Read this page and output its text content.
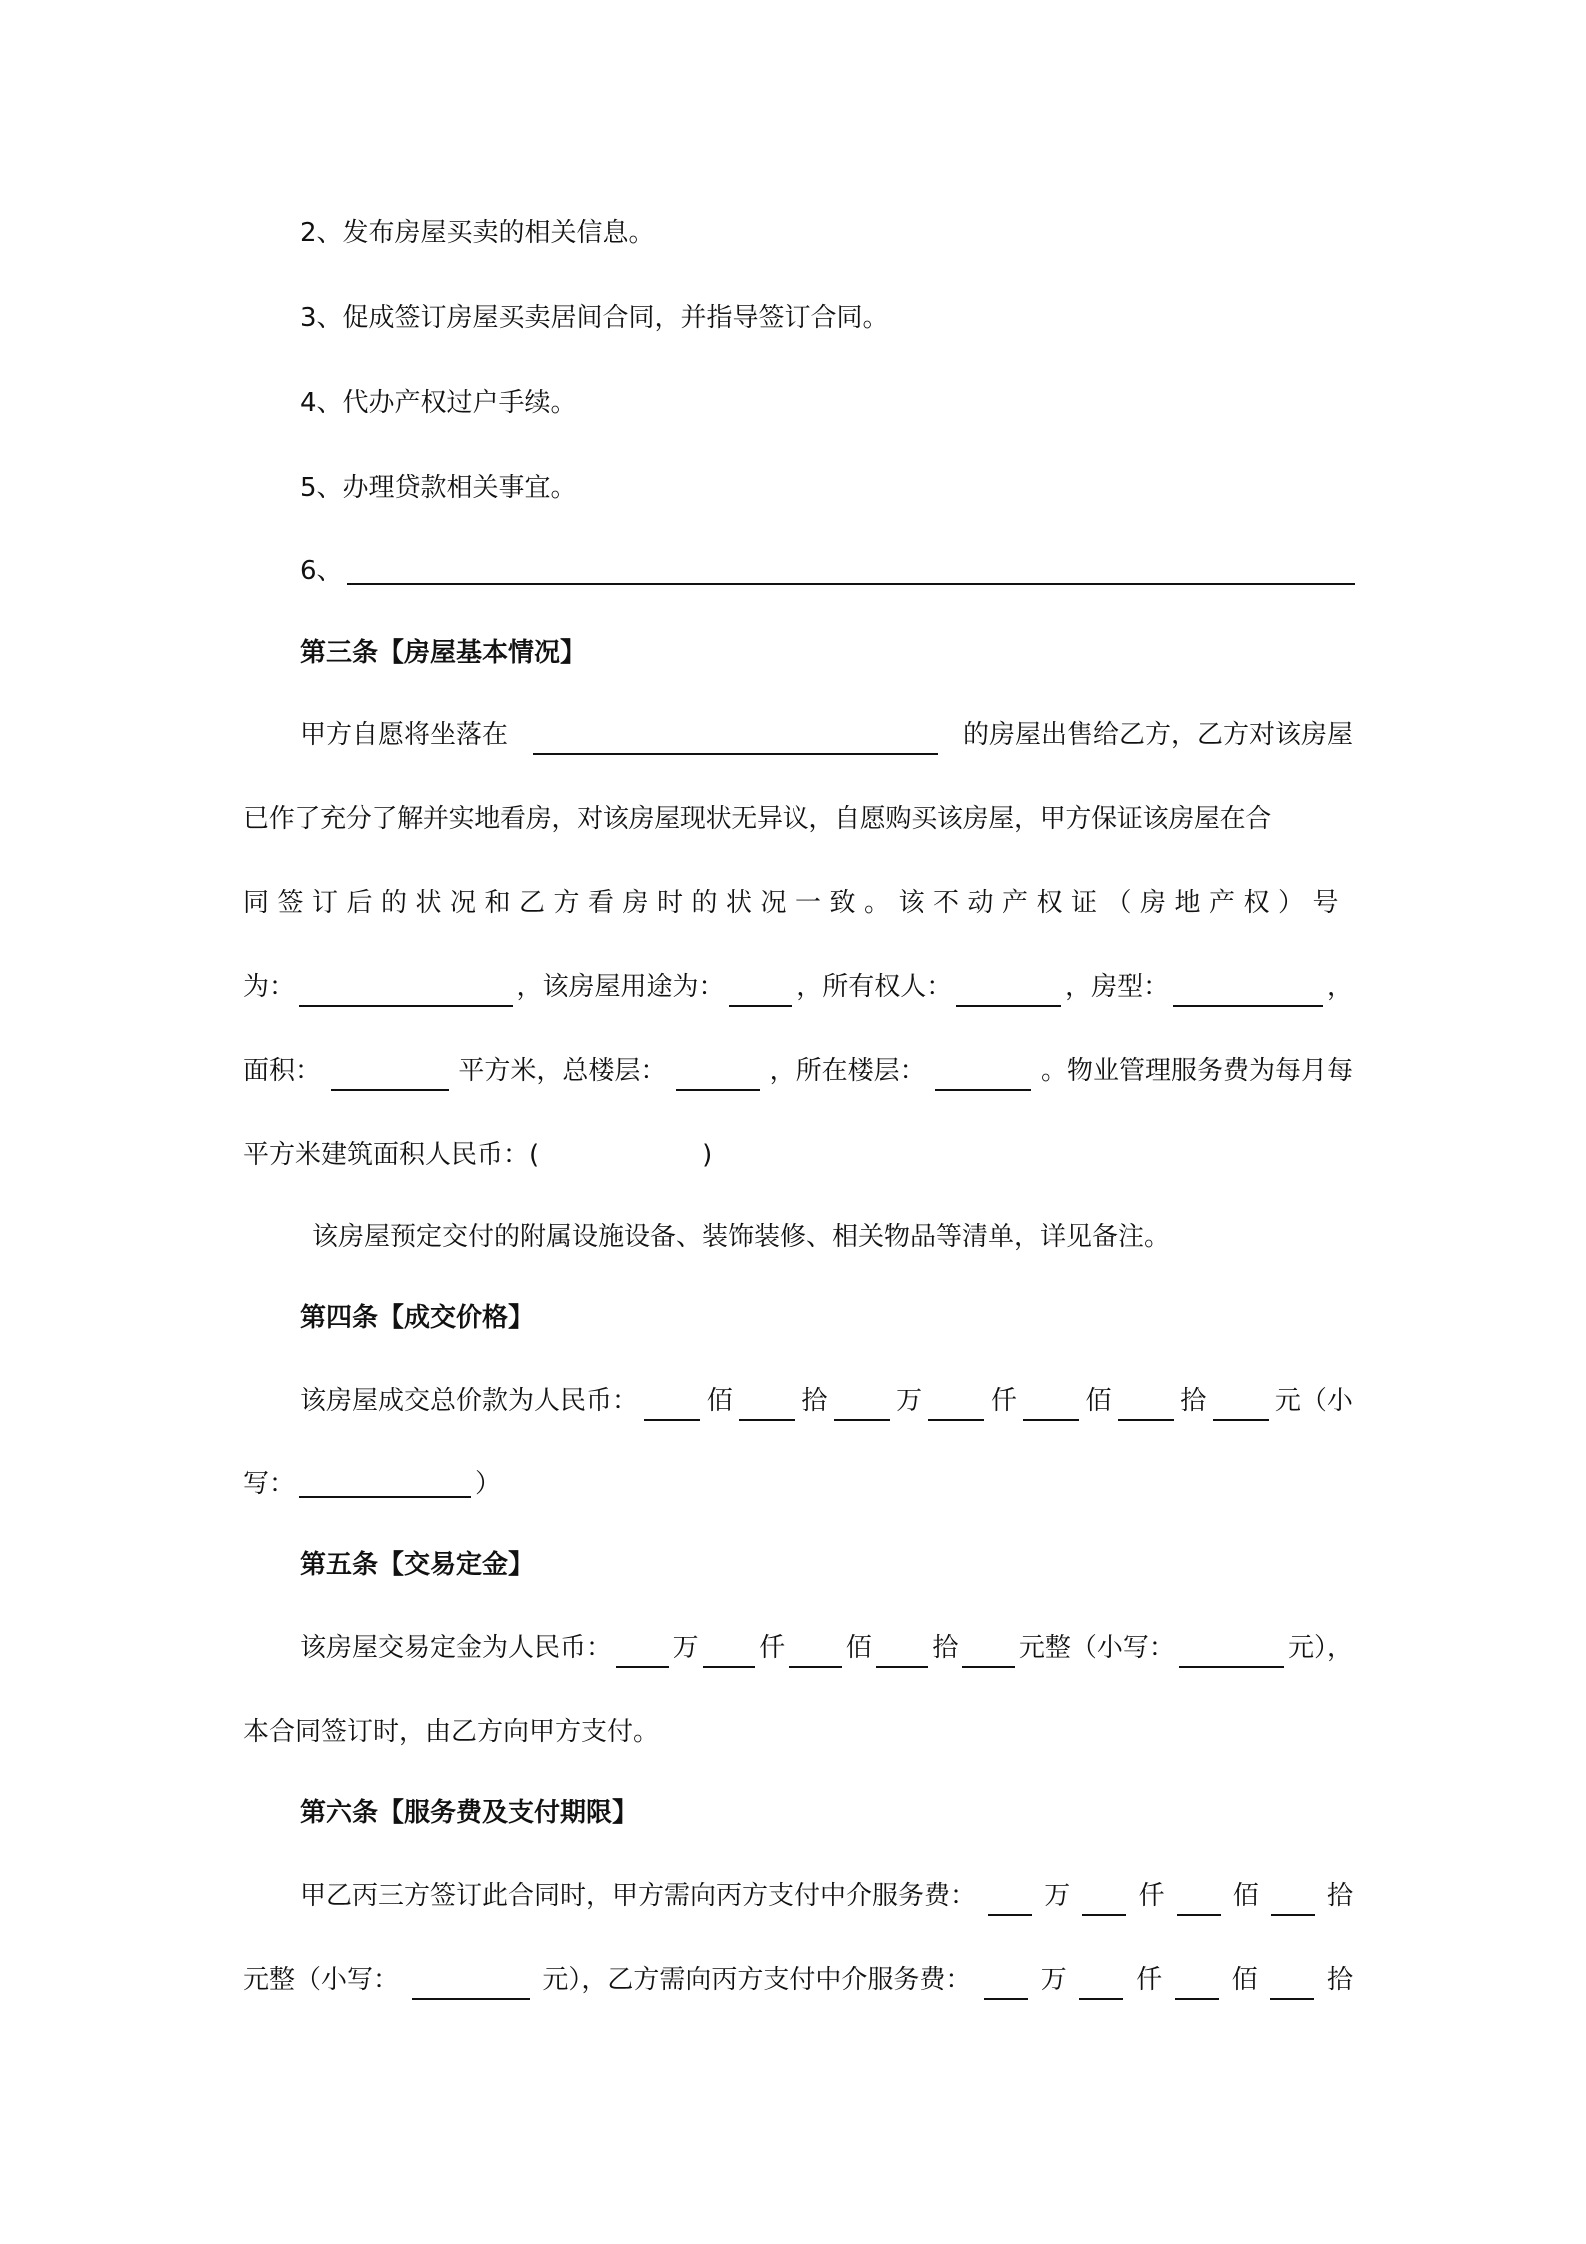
2、发布房屋买卖的相关信息。
3、促成签订房屋买卖居间合同，并指导签订合同。
4、代办产权过户手续。
5、办理贷款相关事宜。
6、
第三条【房屋基本情况】
甲方自愿将坐落在	的房屋出售给乙方，乙方对该房屋
已作了充分了解并实地看房，对该房屋现状无异议，自愿购买该房屋，甲方保证该房屋在合
同签订后的状况和乙方看房时的状况一致。该不动产权证（房地产权）号
为：	，该房屋用途为：	，所有权人：	，房型：	，
面积：	平方米，总楼层：	，所在楼层：	。物业管理服务费为每月每
平方米建筑面积人民币：(	)
该房屋预定交付的附属设施设备、装饰装修、相关物品等清单，详见备注。
第四条【成交价格】
该房屋成交总价款为人民币：	佰	拾	万	仟	佰	拾	元（小
写：	）
第五条【交易定金】
该房屋交易定金为人民币： 万 仟 佰 拾 元整（小写：	元），
本合同签订时，由乙方向甲方支付。
第六条【服务费及支付期限】
甲乙丙三方签订此合同时，甲方需向丙方支付中介服务费：	万	仟	佰	拾
元整（小写：	元），乙方需向丙方支付中介服务费：	万	仟	佰	拾
